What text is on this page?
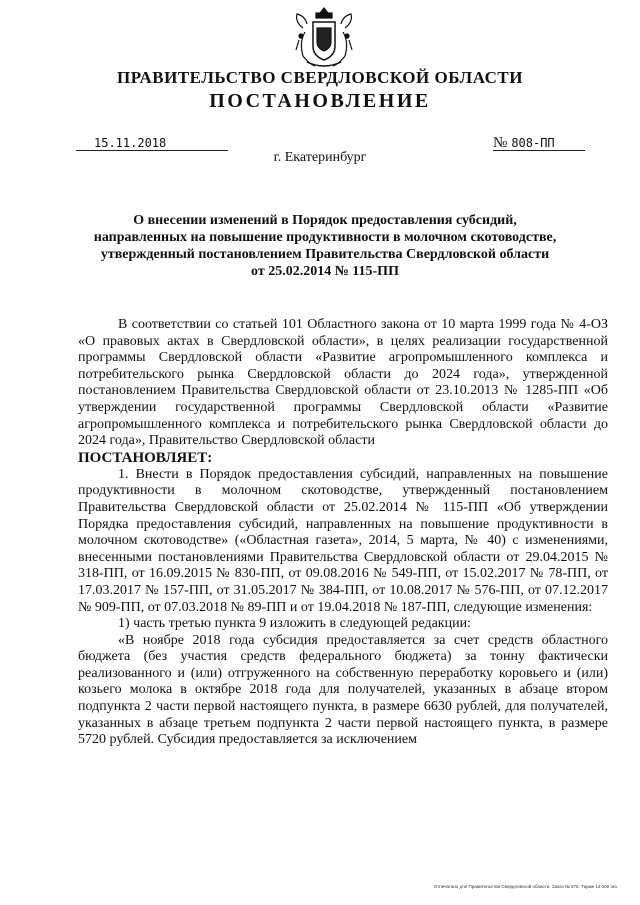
ПРАВИТЕЛЬСТВО СВЕРДЛОВСКОЙ ОБЛАСТИ
ПОСТАНОВЛЕНИЕ
15.11.2018	№ 808-ПП
г. Екатеринбург
О внесении изменений в Порядок предоставления субсидий,
направленных на повышение продуктивности в молочном скотоводстве,
утвержденный постановлением Правительства Свердловской области
от 25.02.2014 № 115-ПП

В соответствии со статьей 101 Областного закона от 10 марта 1999 года № 4-ОЗ «О правовых актах в Свердловской области», в целях реализации государственной программы Свердловской области «Развитие агропромышленного комплекса и потребительского рынка Свердловской области до 2024 года», утвержденной постановлением Правительства Свердловской области от 23.10.2013 № 1285-ПП «Об утверждении государственной программы Свердловской области «Развитие агропромышленного комплекса и потребительского рынка Свердловской области до 2024 года», Правительство Свердловской области

ПОСТАНОВЛЯЕТ:

1. Внести в Порядок предоставления субсидий, направленных на повышение продуктивности в молочном скотоводстве, утвержденный постановлением Правительства Свердловской области от 25.02.2014 № 115-ПП «Об утверждении Порядка предоставления субсидий, направленных на повышение продуктивности в молочном скотоводстве» («Областная газета», 2014, 5 марта, № 40) с изменениями, внесенными постановлениями Правительства Свердловской области от 29.04.2015 № 318-ПП, от 16.09.2015 № 830-ПП, от 09.08.2016 № 549-ПП, от 15.02.2017 № 78-ПП, от 17.03.2017 № 157-ПП, от 31.05.2017 № 384-ПП, от 10.08.2017 № 576-ПП, от 07.12.2017 № 909-ПП, от 07.03.2018 № 89-ПП и от 19.04.2018 № 187-ПП, следующие изменения:

1) часть третью пункта 9 изложить в следующей редакции:

«В ноябре 2018 года субсидия предоставляется за счет средств областного бюджета (без участия средств федерального бюджета) за тонну фактически реализованного и (или) отгруженного на собственную переработку коровьего и (или) козьего молока в октябре 2018 года для получателей, указанных в абзаце втором подпункта 2 части первой настоящего пункта, в размере 6630 рублей, для получателей, указанных в абзаце третьем подпункта 2 части первой настоящего пункта, в размере 5720 рублей. Субсидия предоставляется за исключением

Отпечатано для Правительства Свердловской области. Заказ № 575. Тираж 14 000 экз.
